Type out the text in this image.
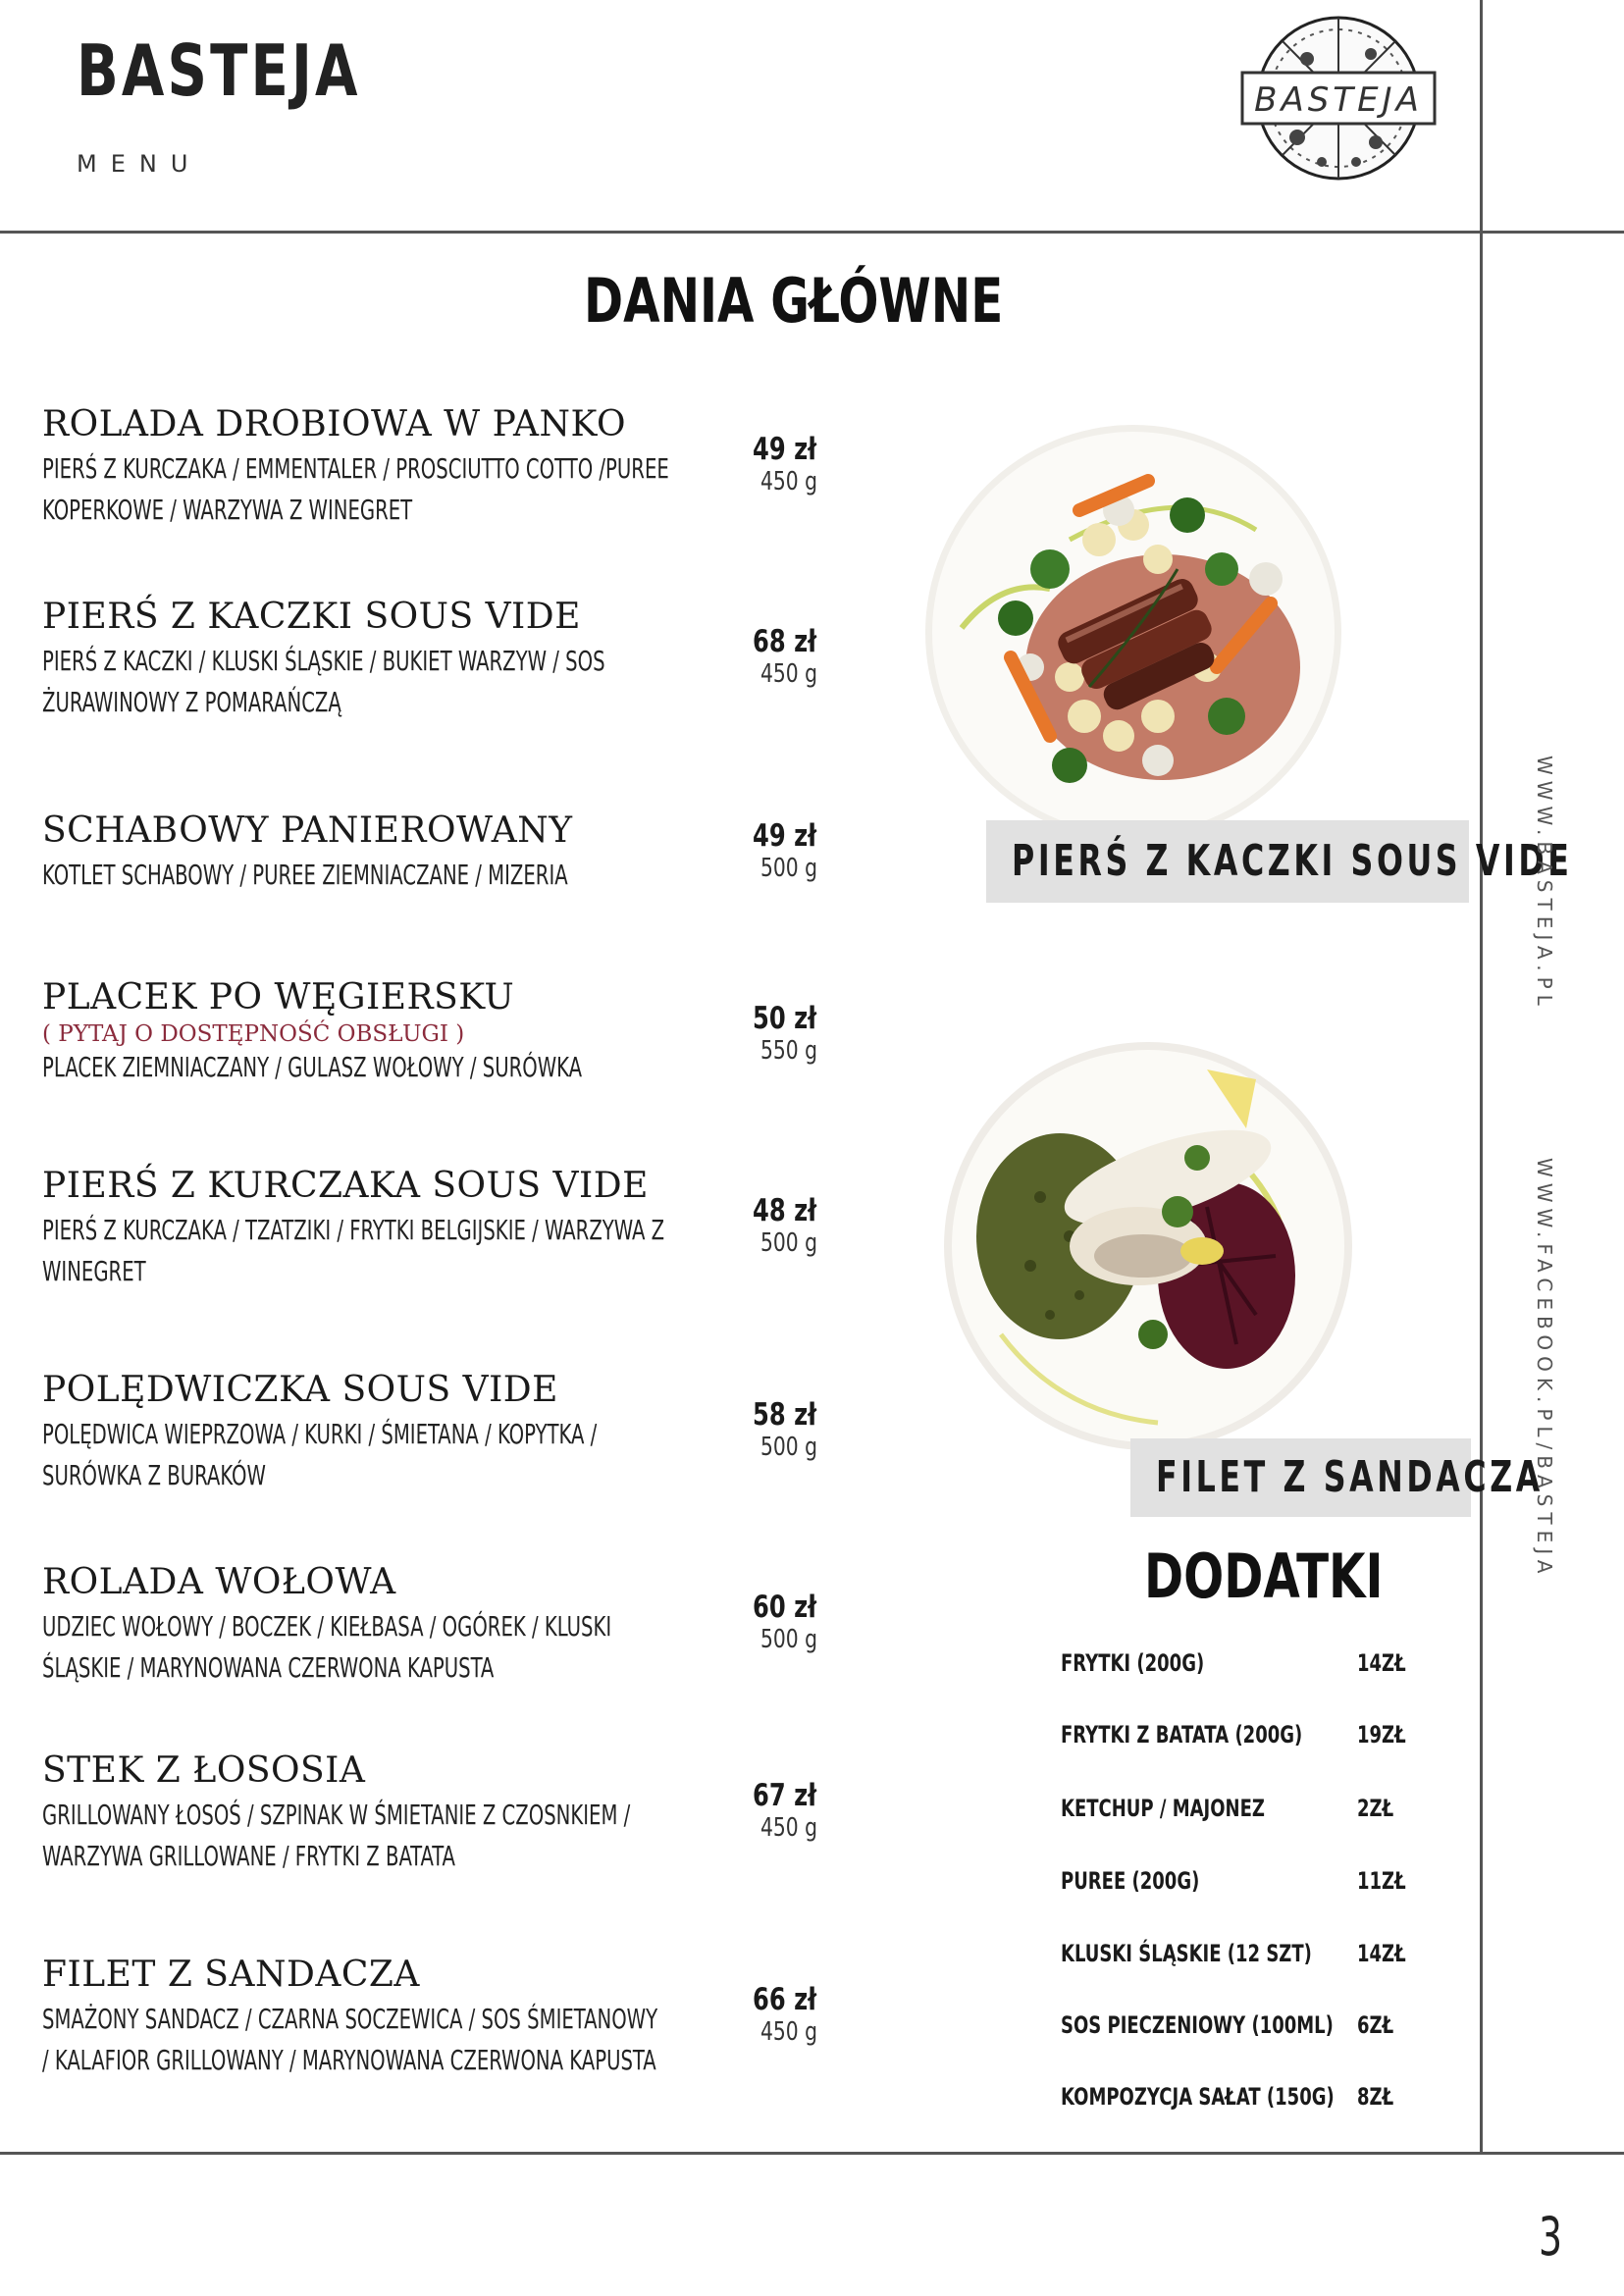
BASTEJA
MENU
BASTEJA
DANIA GŁÓWNE
ROLADA DROBIOWA W PANKO
PIERŚ Z KURCZAKA / EMMENTALER / PROSCIUTTO COTTO /PUREE KOPERKOWE / WARZYWA Z WINEGRET
49 zł
450 g
PIERŚ Z KACZKI SOUS VIDE
PIERŚ Z KACZKI / KLUSKI ŚLĄSKIE / BUKIET WARZYW / SOS ŻURAWINOWY Z POMARAŃCZĄ
68 zł
450 g
SCHABOWY PANIEROWANY
KOTLET SCHABOWY / PUREE ZIEMNIACZANE / MIZERIA
49 zł
500 g
PLACEK PO WĘGIERSKU
( PYTAJ O DOSTĘPNOŚĆ OBSŁUGI )
PLACEK ZIEMNIACZANY / GULASZ WOŁOWY / SURÓWKA
50 zł
550 g
PIERŚ Z KURCZAKA SOUS VIDE
PIERŚ Z KURCZAKA / TZATZIKI / FRYTKI BELGIJSKIE / WARZYWA Z WINEGRET
48 zł
500 g
POLĘDWICZKA SOUS VIDE
POLĘDWICA WIEPRZOWA / KURKI / ŚMIETANA / KOPYTKA / SURÓWKA Z BURAKÓW
58 zł
500 g
ROLADA WOŁOWA
UDZIEC WOŁOWY / BOCZEK / KIEŁBASA / OGÓREK / KLUSKI ŚLĄSKIE / MARYNOWANA CZERWONA KAPUSTA
60 zł
500 g
STEK Z ŁOSOSIA
GRILLOWANY ŁOSOŚ / SZPINAK W ŚMIETANIE Z CZOSNKIEM / WARZYWA GRILLOWANE / FRYTKI Z BATATA
67 zł
450 g
FILET Z SANDACZA
SMAŻONY SANDACZ / CZARNA SOCZEWICA / SOS ŚMIETANOWY / KALAFIOR GRILLOWANY / MARYNOWANA CZERWONA KAPUSTA
66 zł
450 g
PIERŚ Z KACZKI SOUS VIDE
FILET Z SANDACZA
DODATKI
FRYTKI (200G)	14ZŁ
FRYTKI Z BATATA (200G) 19ZŁ
KETCHUP / MAJONEZ	2ZŁ
PUREE (200G)	11ZŁ
KLUSKI ŚLĄSKIE (12 SZT) 14ZŁ
SOS PIECZENIOWY (100ML) 6ZŁ
KOMPOZYCJA SAŁAT (150G) 8ZŁ
WWW.BASTEJA.PL
WWW.FACEBOOK.PL/BASTEJA
3
